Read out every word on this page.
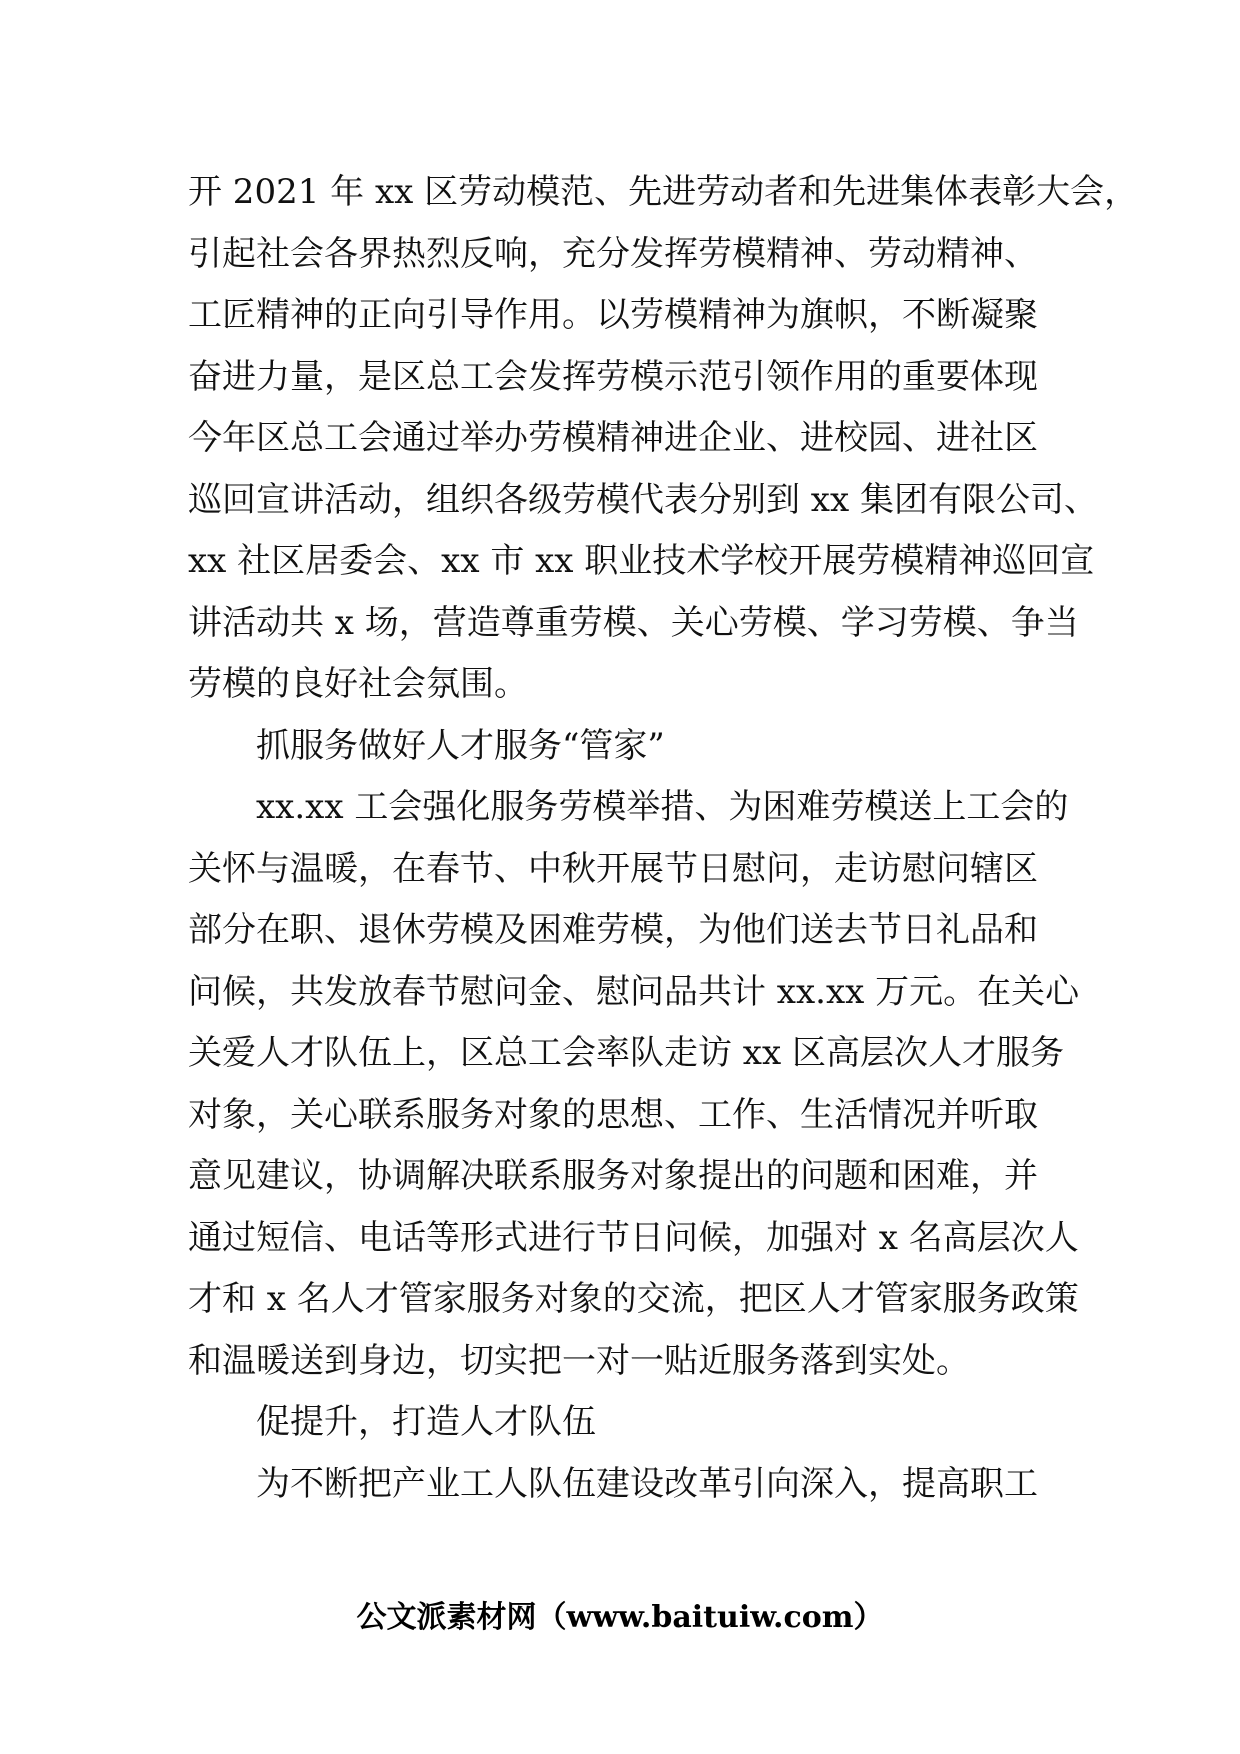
开 2021 年 xx 区劳动模范、先进劳动者和先进集体表彰大会，
引起社会各界热烈反响，充分发挥劳模精神、劳动精神、
工匠精神的正向引导作用。以劳模精神为旗帜，不断凝聚
奋进力量，是区总工会发挥劳模示范引领作用的重要体现
今年区总工会通过举办劳模精神进企业、进校园、进社区
巡回宣讲活动，组织各级劳模代表分别到 xx 集团有限公司、
xx 社区居委会、xx 市 xx 职业技术学校开展劳模精神巡回宣
讲活动共 x 场，营造尊重劳模、关心劳模、学习劳模、争当
劳模的良好社会氛围。
抓服务做好人才服务“管家”
xx.xx 工会强化服务劳模举措、为困难劳模送上工会的
关怀与温暖，在春节、中秋开展节日慰问，走访慰问辖区
部分在职、退休劳模及困难劳模，为他们送去节日礼品和
问候，共发放春节慰问金、慰问品共计 xx.xx 万元。在关心
关爱人才队伍上，区总工会率队走访 xx 区高层次人才服务
对象，关心联系服务对象的思想、工作、生活情况并听取
意见建议，协调解决联系服务对象提出的问题和困难，并
通过短信、电话等形式进行节日问候，加强对 x 名高层次人
才和 x 名人才管家服务对象的交流，把区人才管家服务政策
和温暖送到身边，切实把一对一贴近服务落到实处。
促提升，打造人才队伍
为不断把产业工人队伍建设改革引向深入，提高职工
公文派素材网（www.baituiw.com）
